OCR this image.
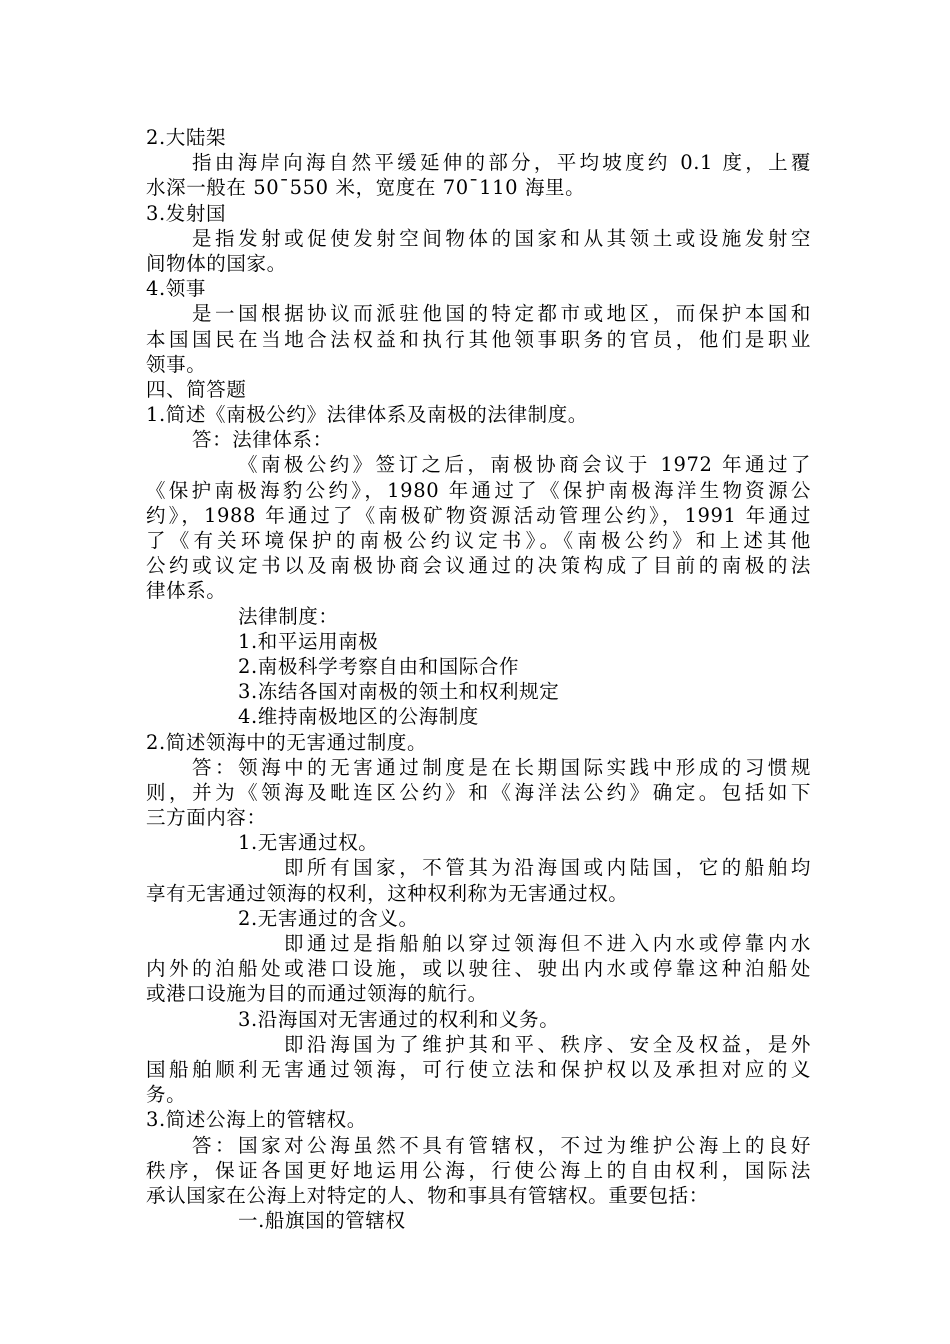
2.大陆架
指由海岸向海自然平缓延伸的部分，平均坡度约 0.1 度，上覆
水深一般在 50¯550 米，宽度在 70¯110 海里。
3.发射国
是指发射或促使发射空间物体的国家和从其领土或设施发射空
间物体的国家。
4.领事
是一国根据协议而派驻他国的特定都市或地区，而保护本国和
本国国民在当地合法权益和执行其他领事职务的官员，他们是职业
领事。
四、简答题
1.简述《南极公约》法律体系及南极的法律制度。
答：法律体系：
《南极公约》签订之后，南极协商会议于 1972 年通过了
《保护南极海豹公约》，1980 年通过了《保护南极海洋生物资源公
约》，1988 年通过了《南极矿物资源活动管理公约》，1991 年通过
了《有关环境保护的南极公约议定书》。《南极公约》和上述其他
公约或议定书以及南极协商会议通过的决策构成了目前的南极的法
律体系。
法律制度：
1.和平运用南极
2.南极科学考察自由和国际合作
3.冻结各国对南极的领土和权利规定
4.维持南极地区的公海制度
2.简述领海中的无害通过制度。
答：领海中的无害通过制度是在长期国际实践中形成的习惯规
则，并为《领海及毗连区公约》和《海洋法公约》确定。包括如下
三方面内容：
1.无害通过权。
即所有国家，不管其为沿海国或内陆国，它的船舶均
享有无害通过领海的权利，这种权利称为无害通过权。
2.无害通过的含义。
即通过是指船舶以穿过领海但不进入内水或停靠内水
内外的泊船处或港口设施，或以驶往、驶出内水或停靠这种泊船处
或港口设施为目的而通过领海的航行。
3.沿海国对无害通过的权利和义务。
即沿海国为了维护其和平、秩序、安全及权益，是外
国船舶顺利无害通过领海，可行使立法和保护权以及承担对应的义
务。
3.简述公海上的管辖权。
答：国家对公海虽然不具有管辖权，不过为维护公海上的良好
秩序，保证各国更好地运用公海，行使公海上的自由权利，国际法
承认国家在公海上对特定的人、物和事具有管辖权。重要包括：
一.船旗国的管辖权
